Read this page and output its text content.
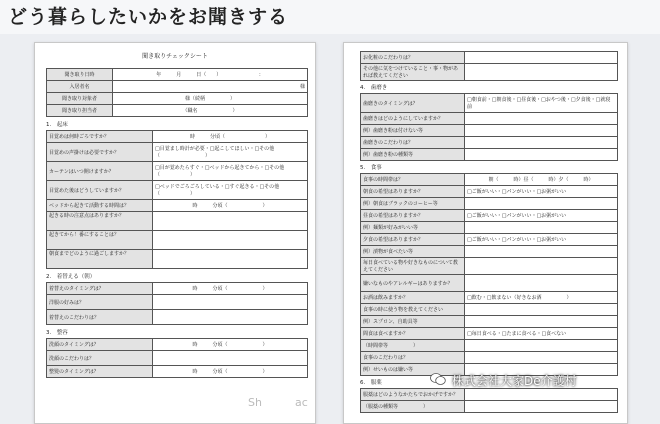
どう暮らしたいかをお聞きする
聞き取りチェックシート
聞き取り日時	年　　　月　　　日（　　）　　　　　　　　：
入居者名	様
聞き取り対象者	様（続柄　　　　　）
聞き取り担当者	（職名　　　　　　　）
1.　起床
目覚めは何時ごろですか？	時　　　分頃（　　　　　　　　）
目覚めの声掛けは必要ですか？	□目覚まし時計が必要・□起こしてほしい・□その他（　　　　　　　　　）
カーテンはいつ開けますか？	□目が覚めたらすぐ・□ベッドから起きてから・□その他（　　　　　　）
目覚めた後はどうしていますか？	□ベッドでごろごろしている・□すぐ起きる・□その他（　　　　　　）
ベッドから起きて活動する時間は？	時　　　分頃（　　　　　　　）
起きる時の注意点はありますか？	
起きてから！番にすることは？	
朝食までどのように過ごしますか？	
2.　着替える（朝）
着替えのタイミングは？	時　　　分頃（　　　　　　　）
洋服の好みは？	
着替えのこだわりは？	
3.　整容
洗顔のタイミングは？	時　　　分頃（　　　　　　　）
洗顔のこだわりは？	
整髪のタイミングは？	時　　　分頃（　　　　　　　）
お化粧のこだわりは？	
その他に気をつけていること・事・物があれば教えてください	
4.　歯磨き
歯磨きのタイミングは？	□朝食前・□朝食後・□昼食後・□おやつ後・□夕食後・□就寝前
歯磨きはどのようにしていますか？	
例）歯磨き粉は付けない等	
歯磨きのこだわりは？	
例）歯磨き粉の種類等	
5.　食事
食事の時間帯は？	朝（　　　時）昼（　　　時）夕（　　　時）
朝食の希望はありますか？	□ご飯がいい・□パンがいい・□お粥がいい
例）朝食はブラックのコーヒー等	
昼食の希望はありますか？	□ご飯がいい・□パンがいい・□お粥がいい
例）麺類が好みがいい等	
夕食の希望はありますか？	□ご飯がいい・□パンがいい・□お粥がいい
例）漬物が食べたい等	
毎日食べている物や好きなものについて教えてください	
嫌いなものやアレルギーはありますか？	
お酒は飲みますか？	□飲む・□飲まない（好きなお酒　　　　　）
食事の時に使う物を教えてください	
例）スプロン、自助具等	
間食は食べますか？	□毎日食べる・□たまに食べる・□食べない
（時間帯等　　　　　）	
食事のこだわりは？	
例）せいものは嫌い等	
6.　服薬
服薬はどのようなかたちでおかげですか？	
（服薬の種類等　　　　　）	
株式会社大家De介護村
Sh　　　ac
